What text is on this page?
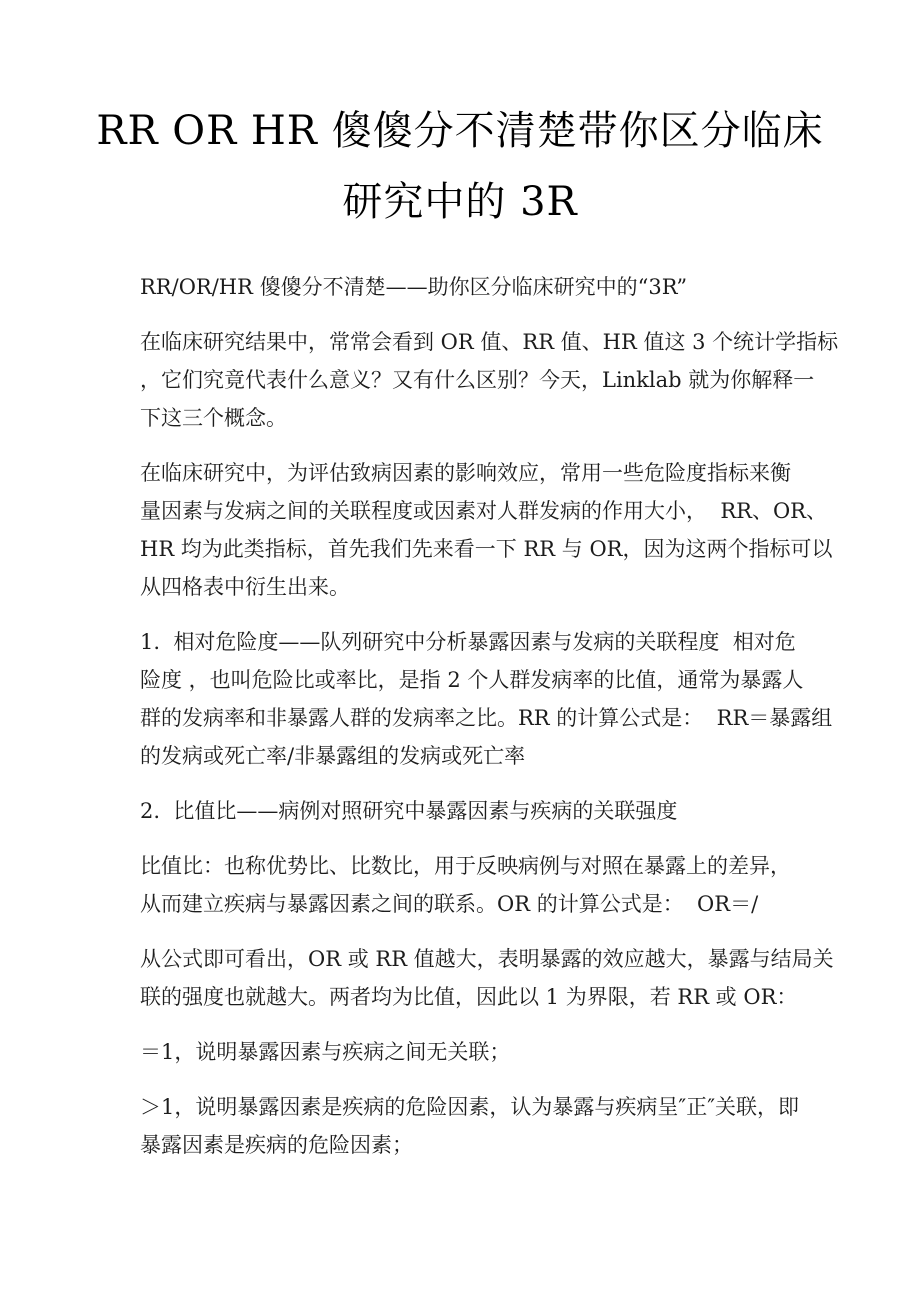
RR OR HR 傻傻分不清楚带你区分临床
研究中的 3R

RR/OR/HR 傻傻分不清楚——助你区分临床研究中的“3R”

在临床研究结果中，常常会看到 OR 值、RR 值、HR 值这 3 个统计学指标
，它们究竟代表什么意义？又有什么区别？今天，Linklab 就为你解释一
下这三个概念。

在临床研究中，为评估致病因素的影响效应，常用一些危险度指标来衡
量因素与发病之间的关联程度或因素对人群发病的作用大小，  RR、OR、
HR 均为此类指标，首先我们先来看一下 RR 与 OR，因为这两个指标可以
从四格表中衍生出来。

1.  相对危险度——队列研究中分析暴露因素与发病的关联程度  相对危
险度 ，也叫危险比或率比，是指 2 个人群发病率的比值，通常为暴露人
群的发病率和非暴露人群的发病率之比。RR 的计算公式是：  RR＝暴露组
的发病或死亡率/非暴露组的发病或死亡率

2.  比值比——病例对照研究中暴露因素与疾病的关联强度

比值比：也称优势比、比数比，用于反映病例与对照在暴露上的差异，
从而建立疾病与暴露因素之间的联系。OR 的计算公式是：  OR＝/

从公式即可看出，OR 或 RR 值越大，表明暴露的效应越大，暴露与结局关
联的强度也就越大。两者均为比值，因此以 1 为界限，若 RR 或 OR：

＝1，说明暴露因素与疾病之间无关联；

＞1，说明暴露因素是疾病的危险因素，认为暴露与疾病呈″正″关联，即
暴露因素是疾病的危险因素；
